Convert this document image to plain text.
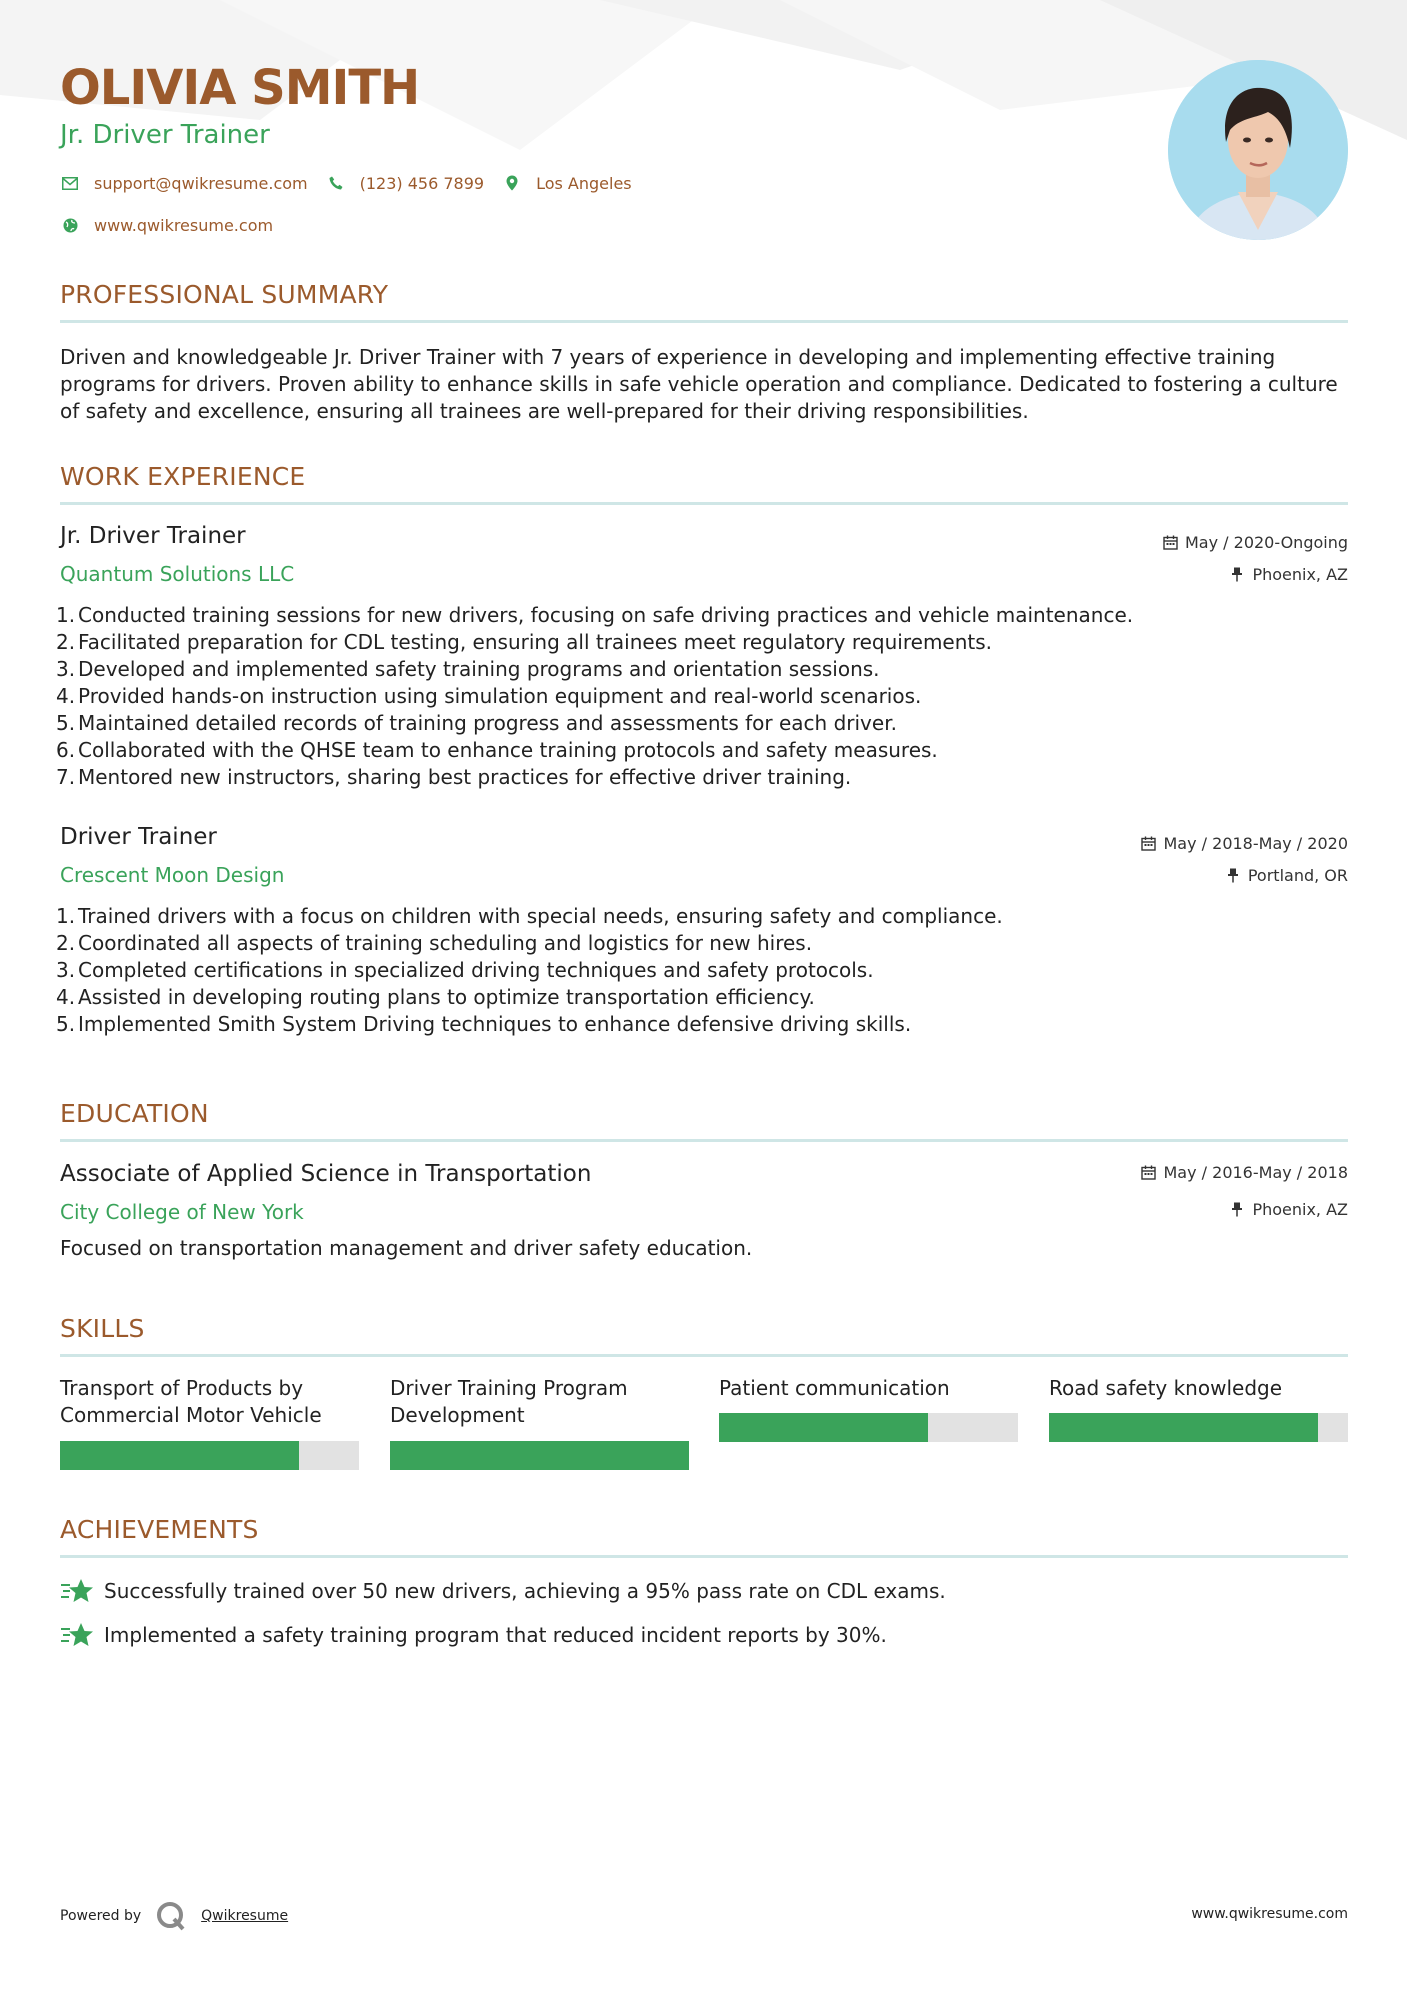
OLIVIA SMITH
Jr. Driver Trainer
support@qwikresume.com	(123) 456 7899	Los Angeles
www.qwikresume.com
PROFESSIONAL SUMMARY
Driven and knowledgeable Jr. Driver Trainer with 7 years of experience in developing and implementing effective training programs for drivers. Proven ability to enhance skills in safe vehicle operation and compliance. Dedicated to fostering a culture of safety and excellence, ensuring all trainees are well-prepared for their driving responsibilities.
WORK EXPERIENCE
Jr. Driver Trainer
Quantum Solutions LLC
May / 2020-Ongoing
Phoenix, AZ
1. Conducted training sessions for new drivers, focusing on safe driving practices and vehicle maintenance.
2. Facilitated preparation for CDL testing, ensuring all trainees meet regulatory requirements.
3. Developed and implemented safety training programs and orientation sessions.
4. Provided hands-on instruction using simulation equipment and real-world scenarios.
5. Maintained detailed records of training progress and assessments for each driver.
6. Collaborated with the QHSE team to enhance training protocols and safety measures.
7. Mentored new instructors, sharing best practices for effective driver training.
Driver Trainer
Crescent Moon Design
May / 2018-May / 2020
Portland, OR
1. Trained drivers with a focus on children with special needs, ensuring safety and compliance.
2. Coordinated all aspects of training scheduling and logistics for new hires.
3. Completed certifications in specialized driving techniques and safety protocols.
4. Assisted in developing routing plans to optimize transportation efficiency.
5. Implemented Smith System Driving techniques to enhance defensive driving skills.
EDUCATION
Associate of Applied Science in Transportation
City College of New York
May / 2016-May / 2018
Phoenix, AZ
Focused on transportation management and driver safety education.
SKILLS
Transport of Products by Commercial Motor Vehicle
Driver Training Program Development
Patient communication	Road safety knowledge
ACHIEVEMENTS
Successfully trained over 50 new drivers, achieving a 95% pass rate on CDL exams.
Implemented a safety training program that reduced incident reports by 30%.
Powered by	Qwikresume	www.qwikresume.com
